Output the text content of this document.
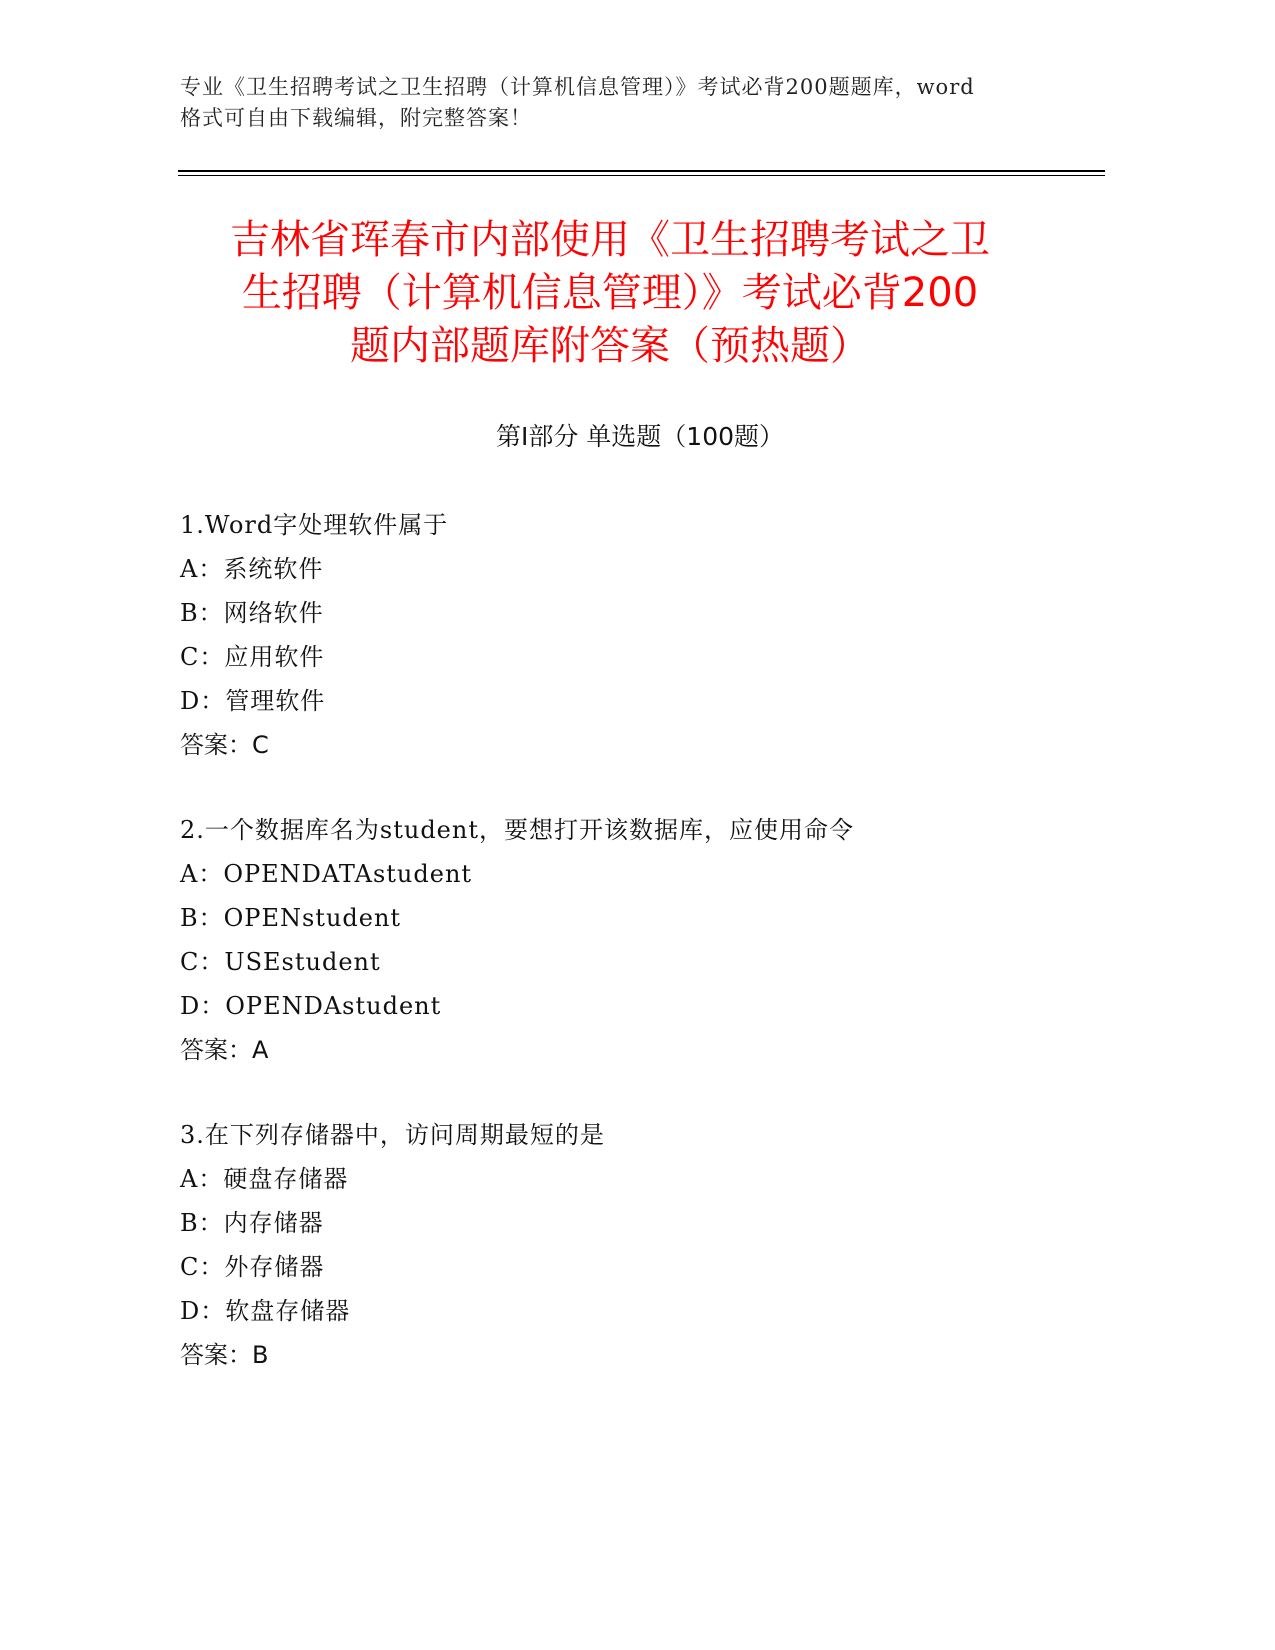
专业《卫生招聘考试之卫生招聘（计算机信息管理）》考试必背200题题库，word
格式可自由下载编辑，附完整答案！
吉林省珲春市内部使用《卫生招聘考试之卫
生招聘（计算机信息管理）》考试必背200
题内部题库附答案（预热题）
第Ⅰ部分 单选题（100题）
1.Word字处理软件属于
A：系统软件
B：网络软件
C：应用软件
D：管理软件
答案：C
2.一个数据库名为student，要想打开该数据库，应使用命令
A：OPENDATAstudent
B：OPENstudent
C：USEstudent
D：OPENDAstudent
答案：A
3.在下列存储器中，访问周期最短的是
A：硬盘存储器
B：内存储器
C：外存储器
D：软盘存储器
答案：B
